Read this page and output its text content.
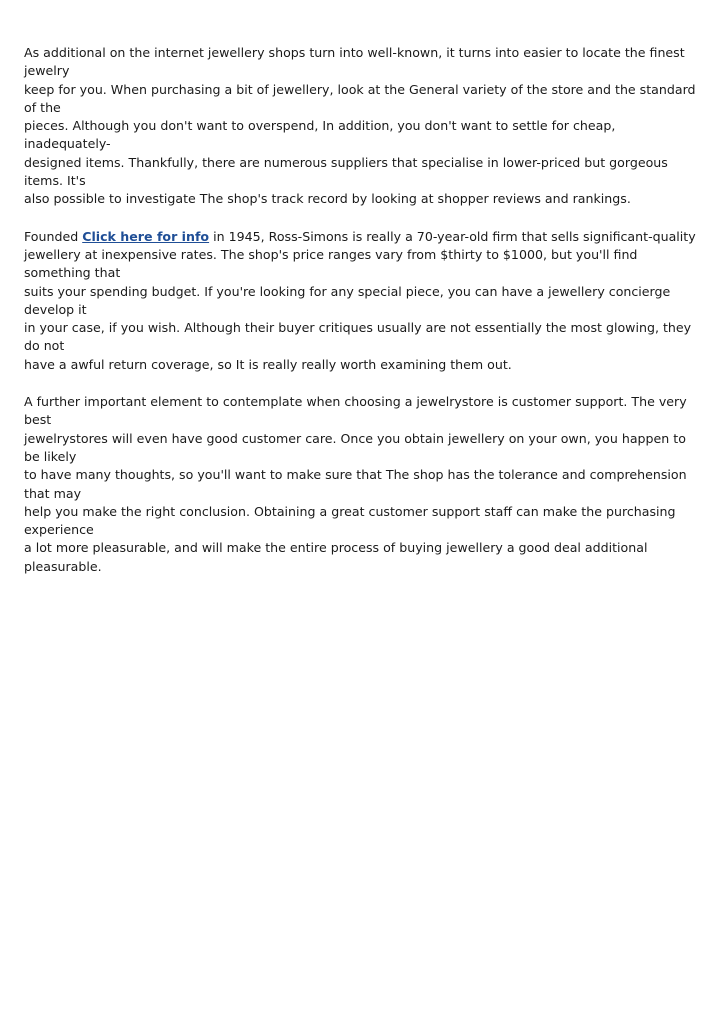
As additional on the internet jewellery shops turn into well-known, it turns into easier to locate the finest jewelry
keep for you. When purchasing a bit of jewellery, look at the General variety of the store and the standard of the
pieces. Although you don't want to overspend, In addition, you don't want to settle for cheap, inadequately-
designed items. Thankfully, there are numerous suppliers that specialise in lower-priced but gorgeous items. It's
also possible to investigate The shop's track record by looking at shopper reviews and rankings.

Founded Click here for info in 1945, Ross-Simons is really a 70-year-old firm that sells significant-quality
jewellery at inexpensive rates. The shop's price ranges vary from $thirty to $1000, but you'll find something that
suits your spending budget. If you're looking for any special piece, you can have a jewellery concierge develop it
in your case, if you wish. Although their buyer critiques usually are not essentially the most glowing, they do not
have a awful return coverage, so It is really really worth examining them out.

A further important element to contemplate when choosing a jewelrystore is customer support. The very best
jewelrystores will even have good customer care. Once you obtain jewellery on your own, you happen to be likely
to have many thoughts, so you'll want to make sure that The shop has the tolerance and comprehension that may
help you make the right conclusion. Obtaining a great customer support staff can make the purchasing experience
a lot more pleasurable, and will make the entire process of buying jewellery a good deal additional pleasurable.
